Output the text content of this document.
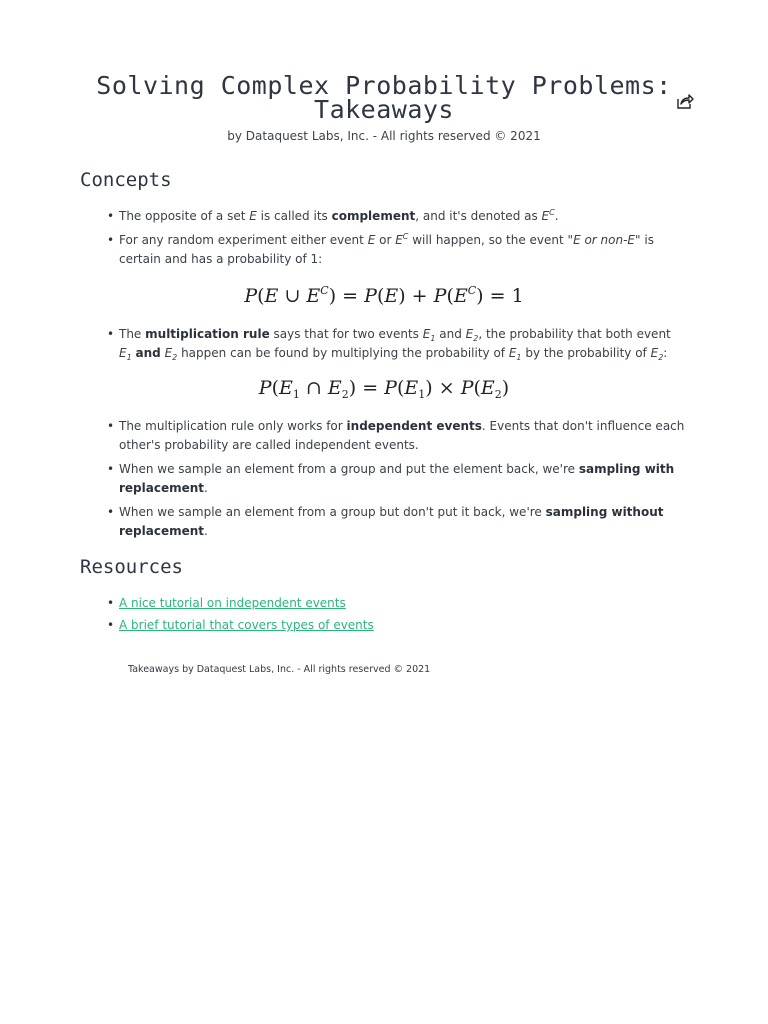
Solving Complex Probability Problems:
Takeaways
by Dataquest Labs, Inc. - All rights reserved © 2021
Concepts
• The opposite of a set E is called its complement, and it's denoted as $E^C$.
• For any random experiment either event E or $E^C$ will happen, so the event "E or non-E" is certain and has a probability of 1:
P(E ∪ $E^C) = P(E) + P(E^C) = 1$
• The multiplication rule says that for two events $E_1$ and $E_2$, the probability that both event $E_1$ and $E_2$ happen can be found by multiplying the probability of $E_1$ by the probability of $E_2$:
$P(E_1$ ∩ $E_2) = P(E_1) \times P(E_2)$
• The multiplication rule only works for independent events. Events that don't influence each other's probability are called independent events.
• When we sample an element from a group and put the element back, we're sampling with replacement.
• When we sample an element from a group but don't put it back, we're sampling without replacement.
Resources
• A nice tutorial on independent events
• A brief tutorial that covers types of events
Takeaways by Dataquest Labs, Inc. - All rights reserved © 2021
